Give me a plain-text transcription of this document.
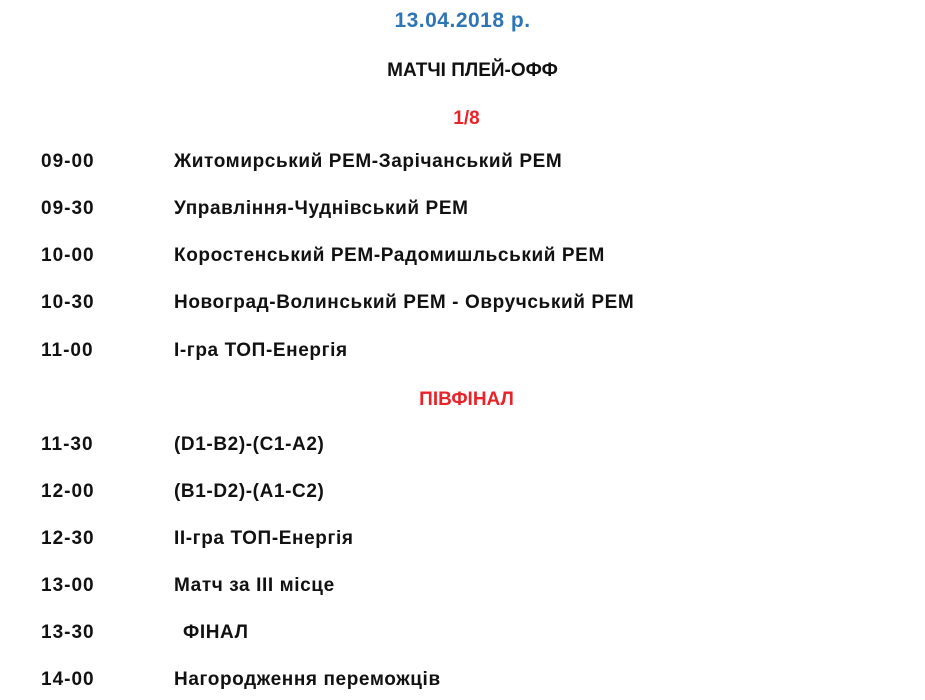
13.04.2018 р.
МАТЧІ ПЛЕЙ-ОФФ
1/8
09-00	Житомирський РЕМ-Зарічанський РЕМ
09-30	Управління-Чуднівський РЕМ
10-00	Коростенський РЕМ-Радомишльський РЕМ
10-30	Новоград-Волинський РЕМ - Овручський РЕМ
11-00	І-гра ТОП-Енергія
ПІВФІНАЛ
11-30	(D1-B2)-(C1-A2)
12-00	(B1-D2)-(A1-C2)
12-30	ІІ-гра ТОП-Енергія
13-00	Матч за ІІІ місце
13-30	ФІНАЛ
14-00	Нагородження переможців
